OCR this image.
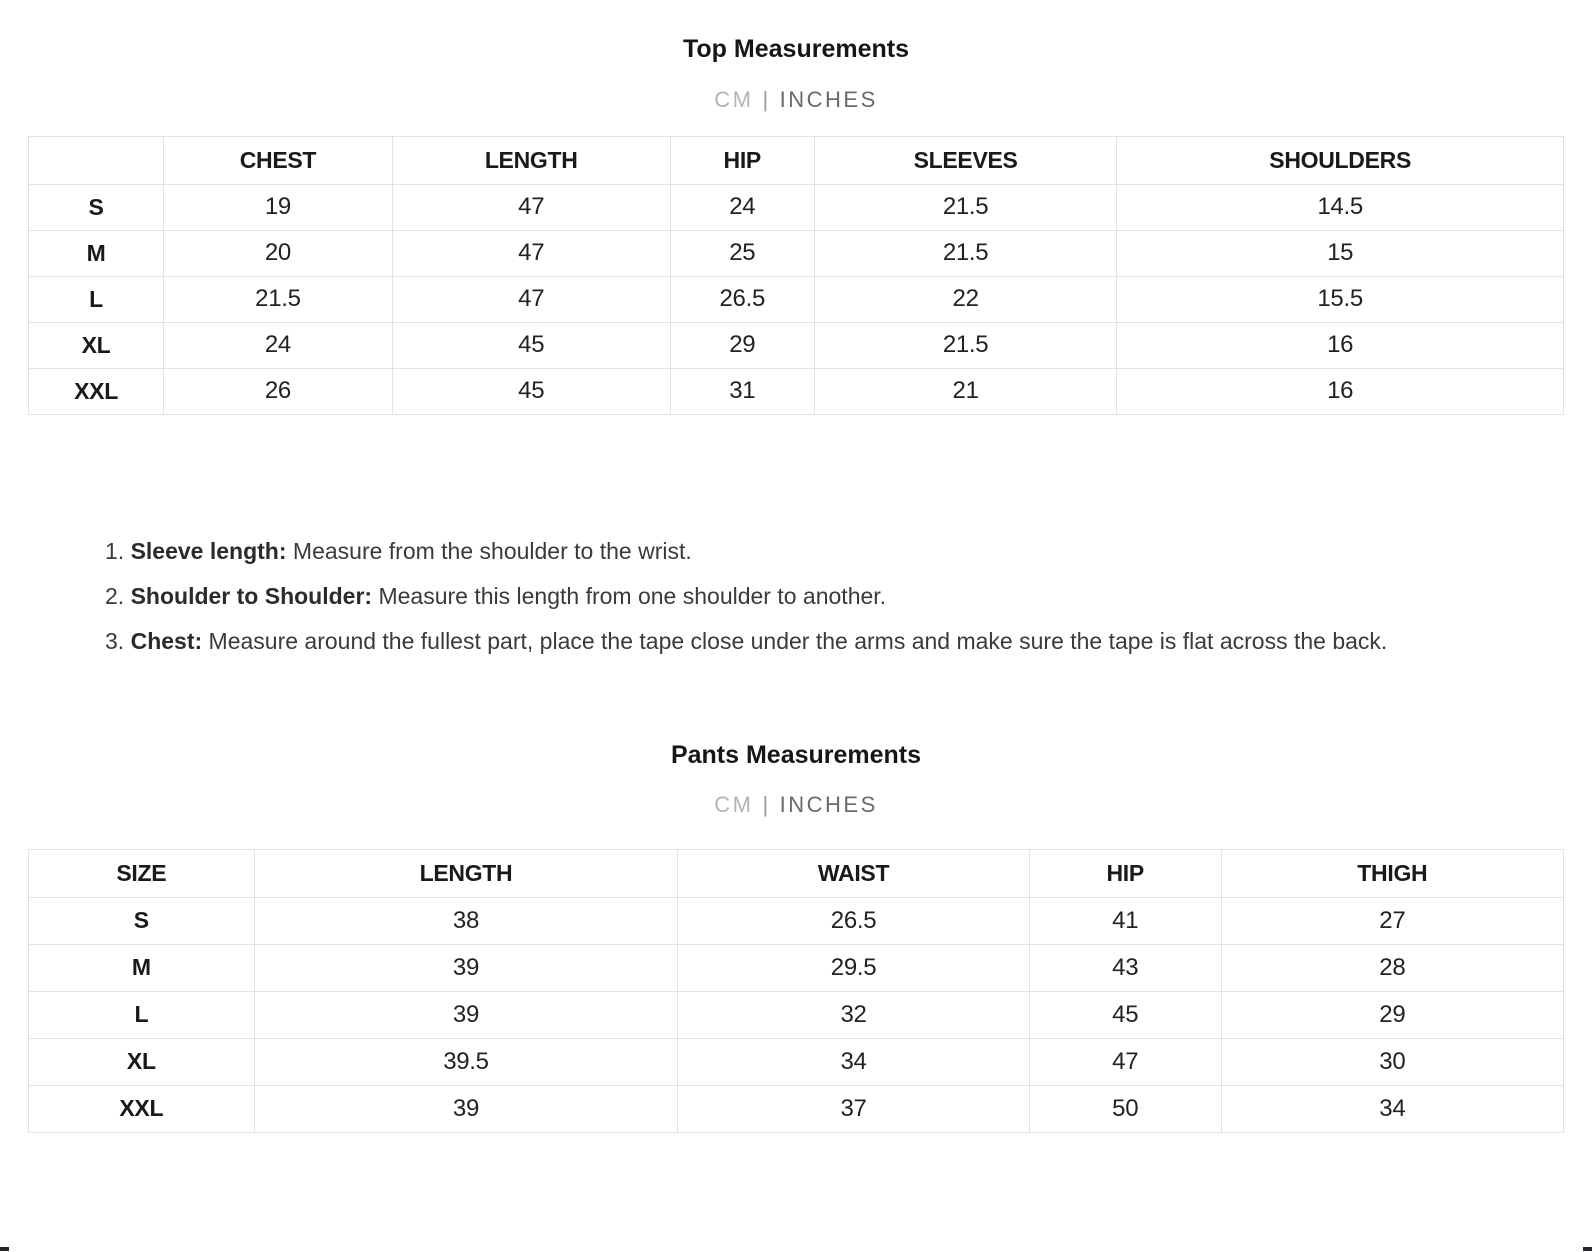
Top Measurements
CM | INCHES
	CHEST	LENGTH	HIP	SLEEVES	SHOULDERS
S	19	47	24	21.5	14.5
M	20	47	25	21.5	15
L	21.5	47	26.5	22	15.5
XL	24	45	29	21.5	16
XXL	26	45	31	21	16

1. Sleeve length: Measure from the shoulder to the wrist.

2. Shoulder to Shoulder: Measure this length from one shoulder to another.

3. Chest: Measure around the fullest part, place the tape close under the arms and make sure the tape is flat across the back.

Pants Measurements
CM | INCHES
SIZE	LENGTH	WAIST	HIP	THIGH
S	38	26.5	41	27
M	39	29.5	43	28
L	39	32	45	29
XL	39.5	34	47	30
XXL	39	37	50	34
